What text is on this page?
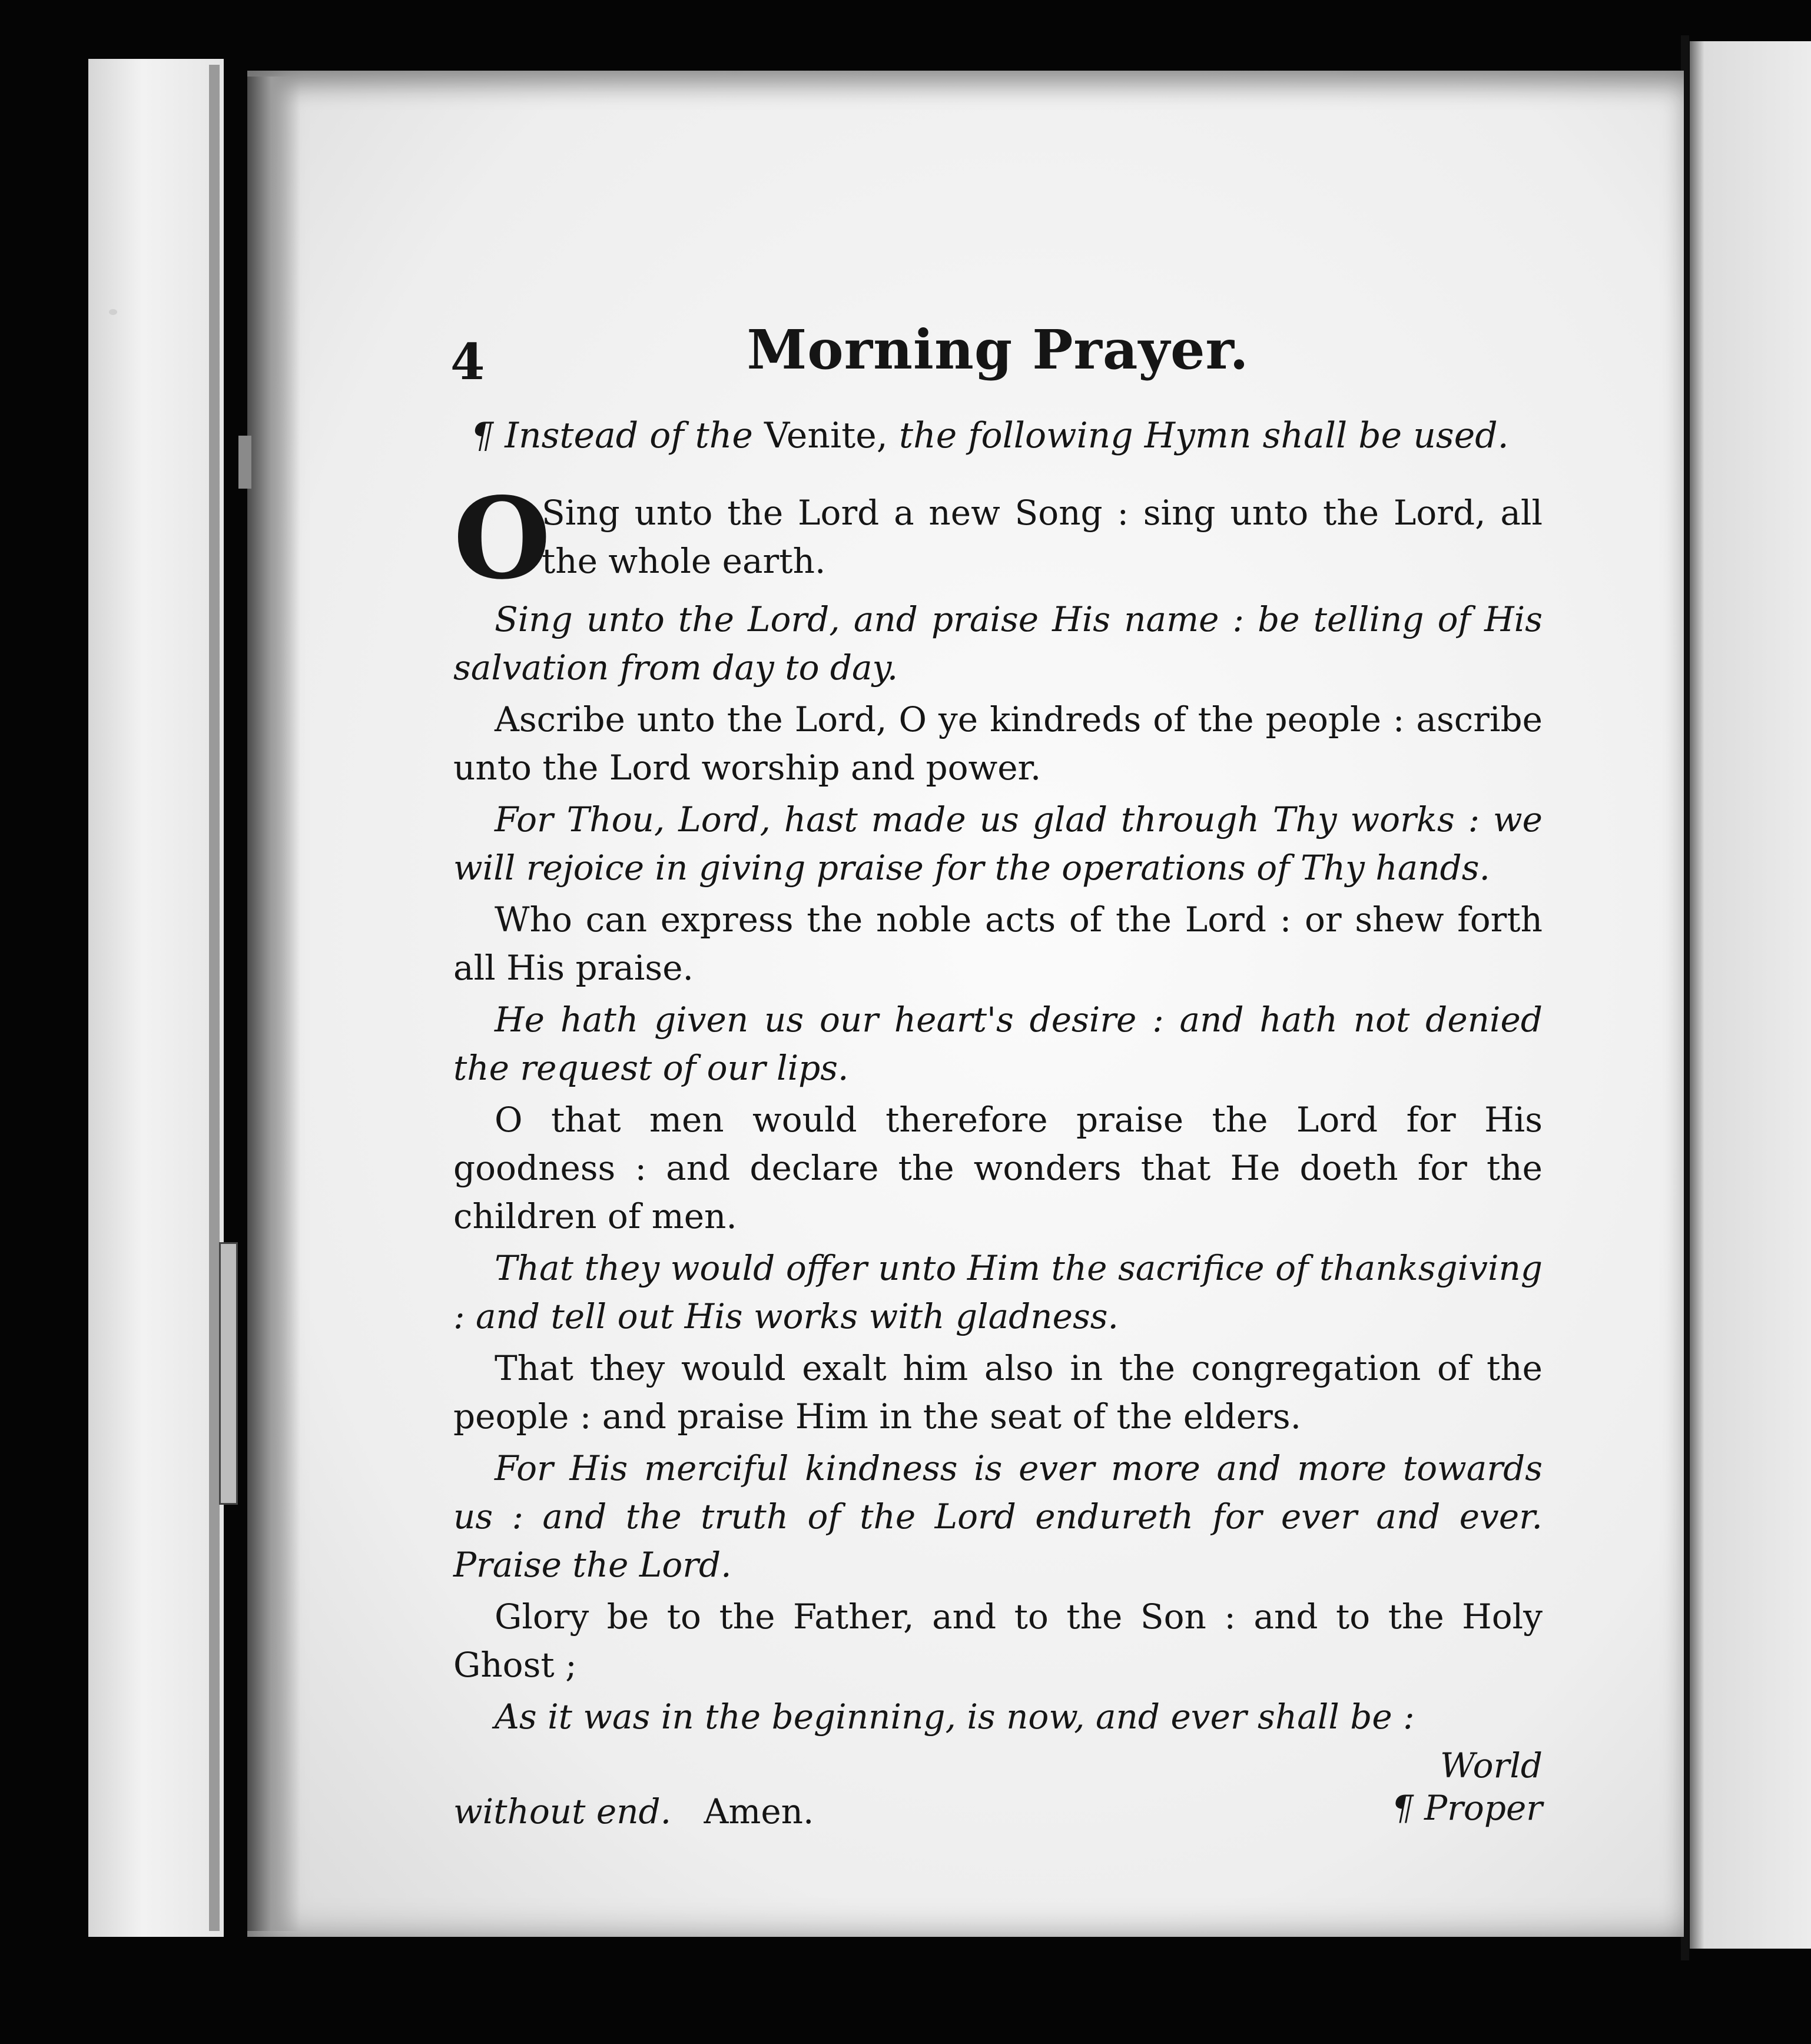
4	Morning Prayer.
¶ Instead of the Venite, the following Hymn shall be used.
O
Sing unto the Lord a new Song : sing unto the Lord, all the whole earth.

Sing unto the Lord, and praise His name : be telling of His salvation from day to day.

Ascribe unto the Lord, O ye kindreds of the people : ascribe unto the Lord worship and power.

For Thou, Lord, hast made us glad through Thy works : we will rejoice in giving praise for the operations of Thy hands.

Who can express the noble acts of the Lord : or shew forth all His praise.

He hath given us our heart's desire : and hath not denied the request of our lips.

O that men would therefore praise the Lord for His goodness : and declare the wonders that He doeth for the children of men.

That they would offer unto Him the sacrifice of thanksgiving : and tell out His works with gladness.

That they would exalt him also in the congregation of the people : and praise Him in the seat of the elders.

For His merciful kindness is ever more and more towards us : and the truth of the Lord endureth for ever and ever. Praise the Lord.

Glory be to the Father, and to the Son : and to the Holy Ghost ;

As it was in the beginning, is now, and ever shall be :

without end. Amen.
World
¶ Proper
